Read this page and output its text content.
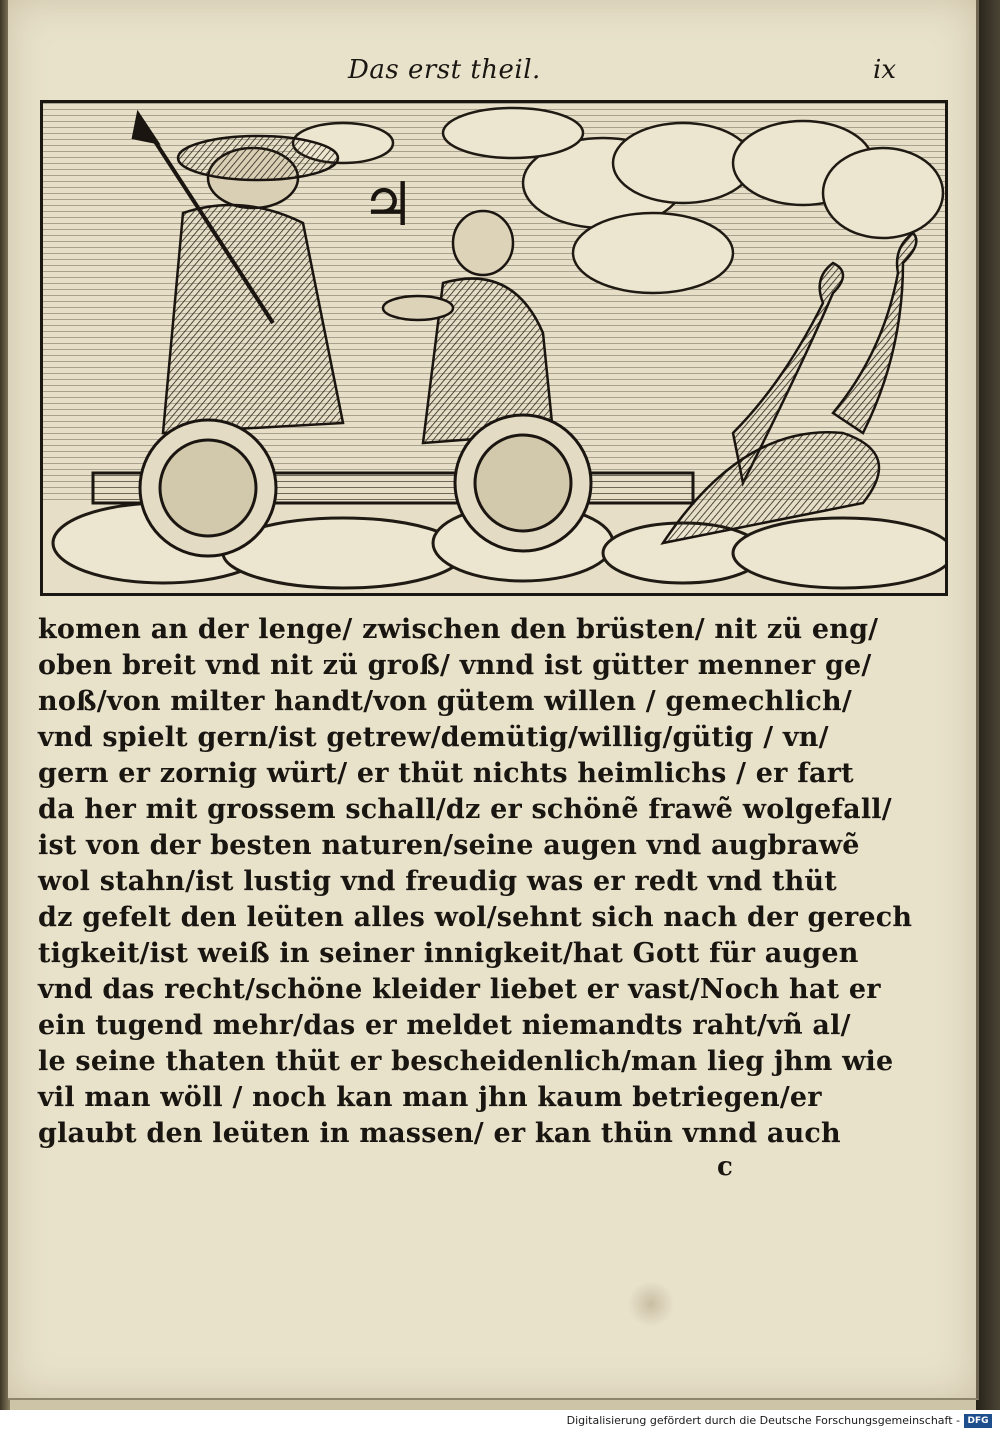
Das erst theil.	ix
♃
komen an der lenge/ zwischen den brüsten/ nit zü eng/
oben breit vnd nit zü groß/ vnnd ist gütter menner ge/
noß/von milter handt/von gütem willen / gemechlich/
vnd spielt gern/ist getrew/demütig/willig/gütig / vn/
gern er zornig würt/ er thüt nichts heimlichs / er fart
da her mit grossem schall/dz er schönẽ frawẽ wolgefall/
ist von der besten naturen/seine augen vnd augbrawẽ
wol stahn/ist lustig vnd freudig was er redt vnd thüt
dz gefelt den leüten alles wol/sehnt sich nach der gerech
tigkeit/ist weiß in seiner innigkeit/hat Gott für augen
vnd das recht/schöne kleider liebet er vast/Noch hat er
ein tugend mehr/das er meldet niemandts raht/vñ al/
le seine thaten thüt er bescheidenlich/man lieg jhm wie
vil man wöll / noch kan man jhn kaum betriegen/er
glaubt den leüten in massen/ er kan thün vnnd auch
c
Digitalisierung gefördert durch die Deutsche Forschungsgemeinschaft - DFG
